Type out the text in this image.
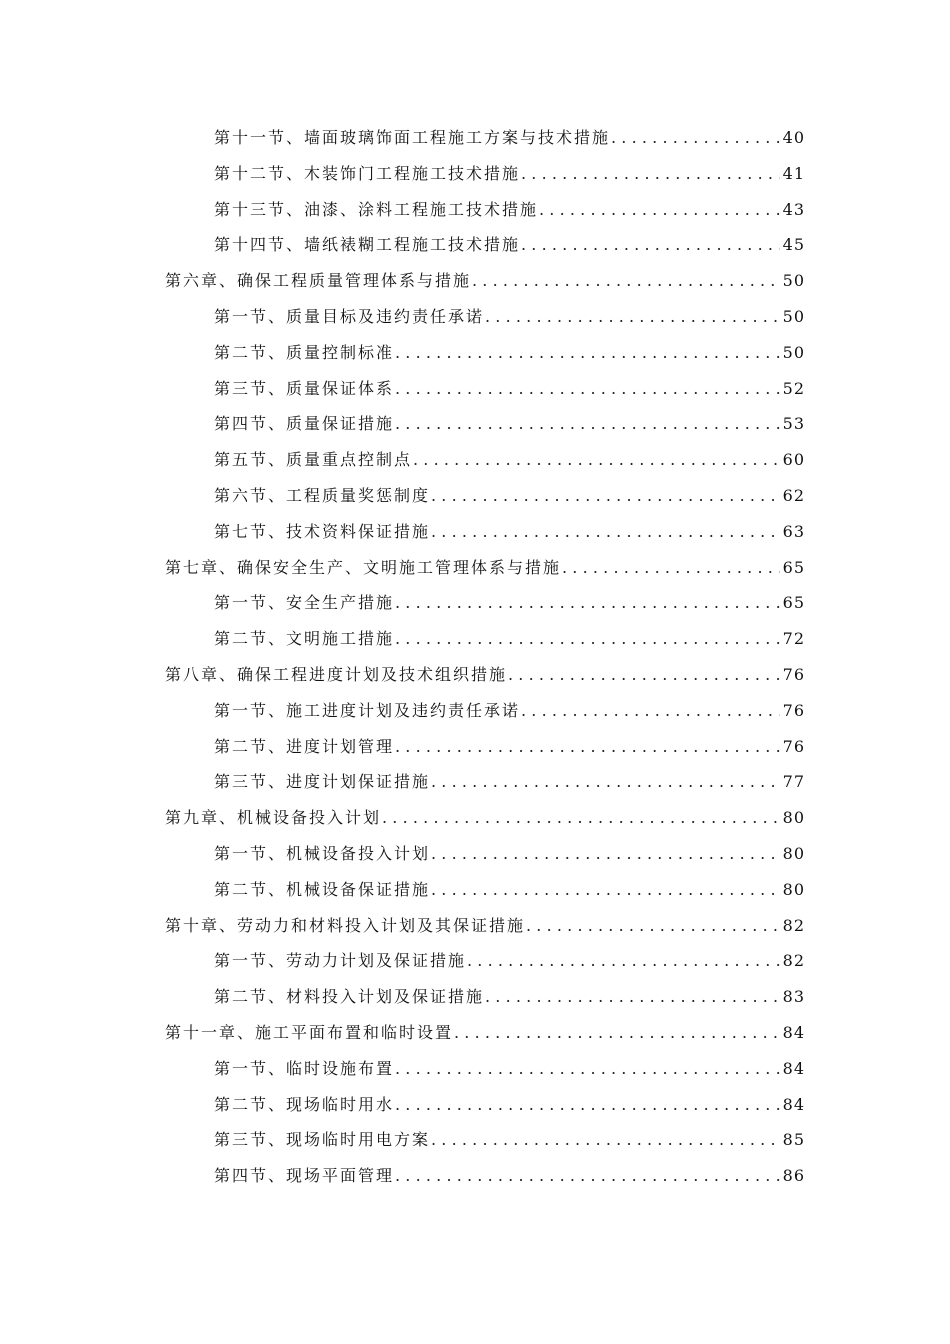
第十一节、墙面玻璃饰面工程施工方案与技术措施 .....	40
第十二节、木装饰门工程施工技术措施 .....	41
第十三节、油漆、涂料工程施工技术措施 .....	43
第十四节、墙纸裱糊工程施工技术措施 .....	45
第六章、确保工程质量管理体系与措施 .....	50
第一节、质量目标及违约责任承诺 .....	50
第二节、质量控制标准 .....	50
第三节、质量保证体系 .....	52
第四节、质量保证措施 .....	53
第五节、质量重点控制点 .....	60
第六节、工程质量奖惩制度 .....	62
第七节、技术资料保证措施 .....	63
第七章、确保安全生产、文明施工管理体系与措施 .....	65
第一节、安全生产措施 .....	65
第二节、文明施工措施 .....	72
第八章、确保工程进度计划及技术组织措施 .....	76
第一节、施工进度计划及违约责任承诺 .....	76
第二节、进度计划管理 .....	76
第三节、进度计划保证措施 .....	77
第九章、机械设备投入计划 .....	80
第一节、机械设备投入计划 .....	80
第二节、机械设备保证措施 .....	80
第十章、劳动力和材料投入计划及其保证措施 .....	82
第一节、劳动力计划及保证措施 .....	82
第二节、材料投入计划及保证措施 .....	83
第十一章、施工平面布置和临时设置 .....	84
第一节、临时设施布置 .....	84
第二节、现场临时用水 .....	84
第三节、现场临时用电方案 .....	85
第四节、现场平面管理 .....	86
